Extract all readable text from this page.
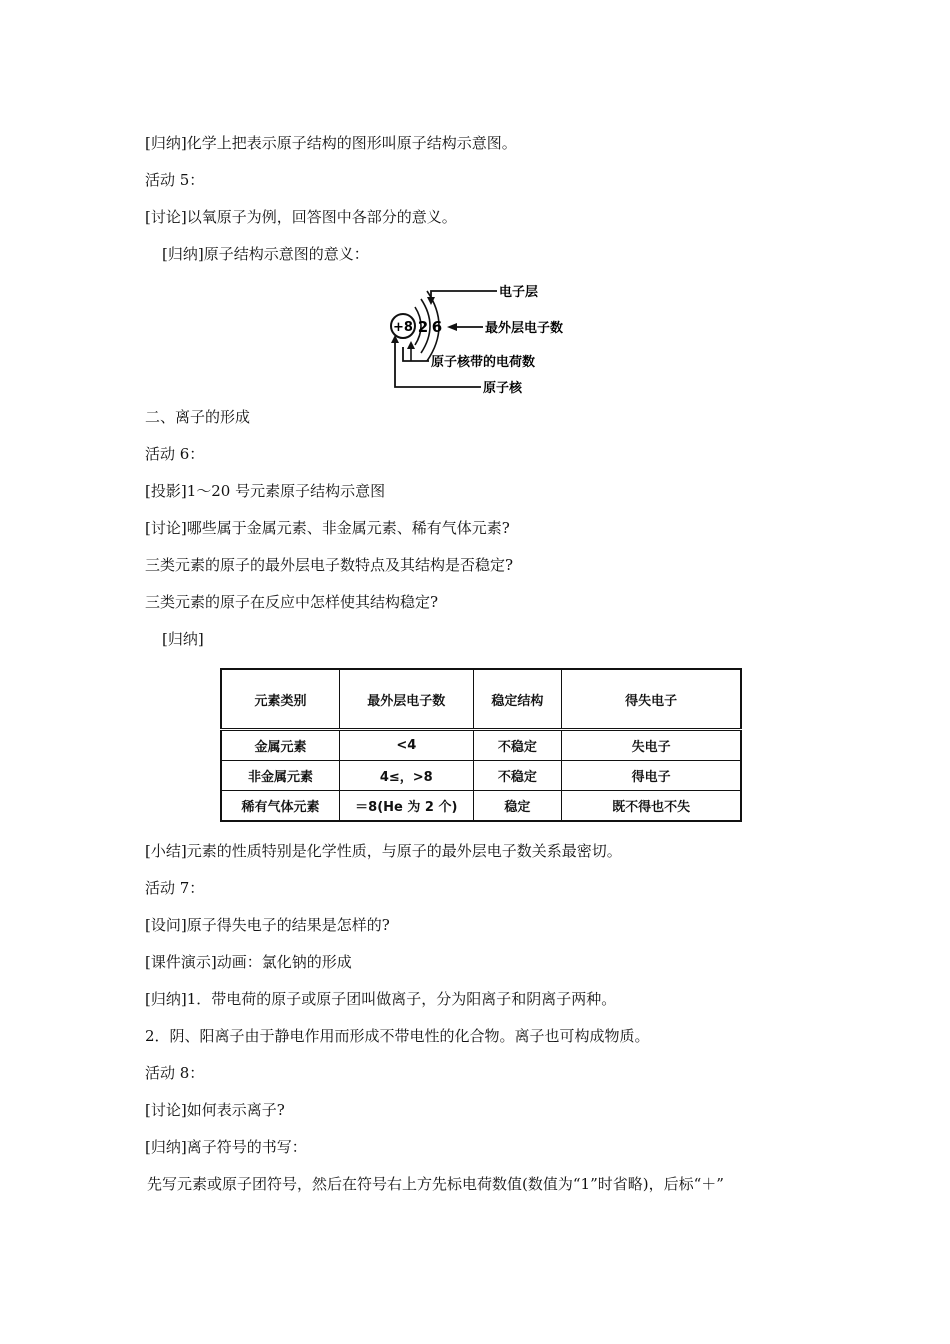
[归纳]化学上把表示原子结构的图形叫原子结构示意图。
活动 5：
[讨论]以氧原子为例，回答图中各部分的意义。
[归纳]原子结构示意图的意义：
+8 2 6
电子层
最外层电子数
原子核带的电荷数
原子核
二、离子的形成
活动 6：
[投影]1～20 号元素原子结构示意图
[讨论]哪些属于金属元素、非金属元素、稀有气体元素?
三类元素的原子的最外层电子数特点及其结构是否稳定?
三类元素的原子在反应中怎样使其结构稳定?
[归纳]
元素类别	最外层电子数	稳定结构	得失电子
金属元素	<4	不稳定	失电子
非金属元素	4≤，>8	不稳定	得电子
稀有气体元素	＝8(He 为 2 个)	稳定	既不得也不失
[小结]元素的性质特别是化学性质，与原子的最外层电子数关系最密切。
活动 7：
[设问]原子得失电子的结果是怎样的?
[课件演示]动画：氯化钠的形成
[归纳]1．带电荷的原子或原子团叫做离子，分为阳离子和阴离子两种。
2．阴、阳离子由于静电作用而形成不带电性的化合物。离子也可构成物质。
活动 8：
[讨论]如何表示离子?
[归纳]离子符号的书写：
先写元素或原子团符号，然后在符号右上方先标电荷数值(数值为“1”时省略)，后标“＋”
